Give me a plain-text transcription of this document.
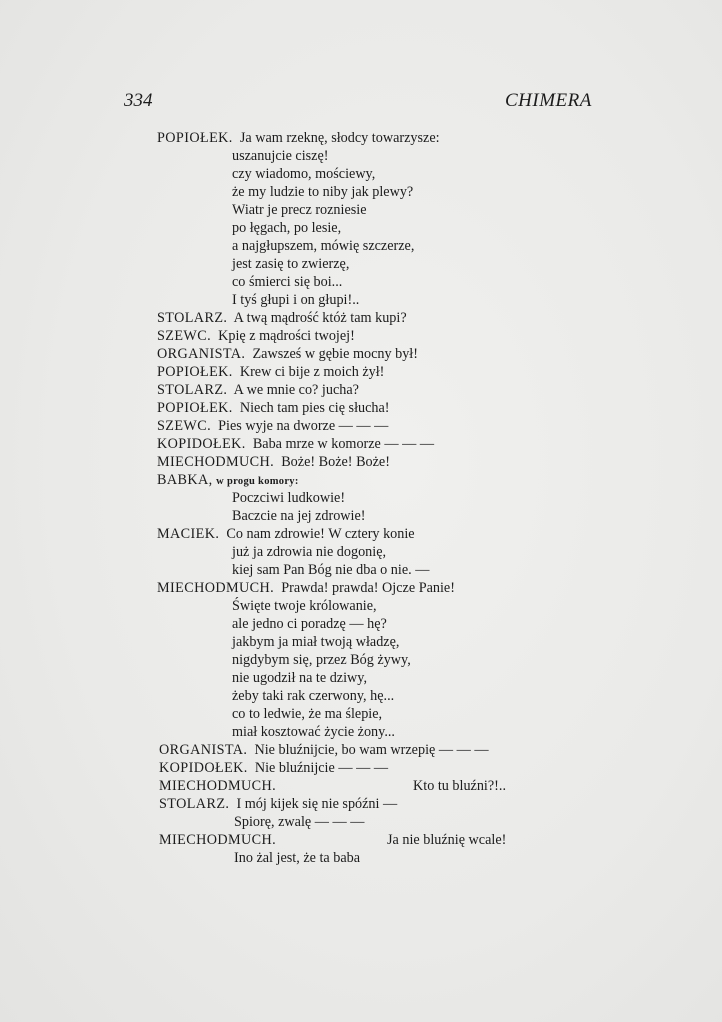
334	CHIMERA
POPIOŁEK. Ja wam rzeknę, słodcy towarzysze:
uszanujcie ciszę!
czy wiadomo, mościewy,
że my ludzie to niby jak plewy?
Wiatr je precz rozniesie
po łęgach, po lesie,
a najgłupszem, mówię szczerze,
jest zasię to zwierzę,
co śmierci się boi...
I tyś głupi i on głupi!..
STOLARZ. A twą mądrość któż tam kupi?
SZEWC. Kpię z mądrości twojej!
ORGANISTA. Zawsześ w gębie mocny był!
POPIOŁEK. Krew ci bije z moich żył!
STOLARZ. A we mnie co? jucha?
POPIOŁEK. Niech tam pies cię słucha!
SZEWC. Pies wyje na dworze — — —
KOPIDOŁEK. Baba mrze w komorze — — —
MIECHODMUCH. Boże! Boże! Boże!
BABKA, w progu komory:
Poczciwi ludkowie!
Baczcie na jej zdrowie!
MACIEK. Co nam zdrowie! W cztery konie
już ja zdrowia nie dogonię,
kiej sam Pan Bóg nie dba o nie. —
MIECHODMUCH. Prawda! prawda! Ojcze Panie!
Święte twoje królowanie,
ale jedno ci poradzę — hę?
jakbym ja miał twoją władzę,
nigdybym się, przez Bóg żywy,
nie ugodził na te dziwy,
żeby taki rak czerwony, hę...
co to ledwie, że ma ślepie,
miał kosztować życie żony...
ORGANISTA. Nie bluźnijcie, bo wam wrzepię — — —
KOPIDOŁEK. Nie bluźnijcie — — —
MIECHODMUCH.	Kto tu bluźni?!..
STOLARZ. I mój kijek się nie spóźni —
Spiorę, zwalę — — —
MIECHODMUCH.	Ja nie bluźnię wcale!
Ino żal jest, że ta baba
